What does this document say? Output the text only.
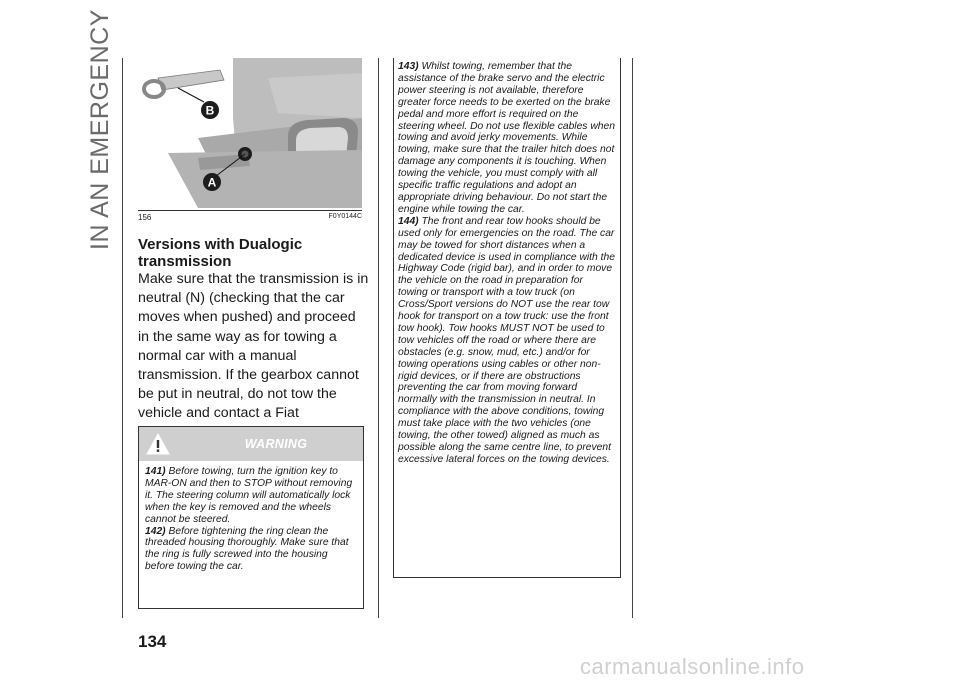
IN AN EMERGENCY	B
A
156	F0Y0144C
Versions with Dualogic transmission
Make sure that the transmission is in neutral (N) (checking that the car moves when pushed) and proceed in the same way as for towing a normal car with a manual transmission. If the gearbox cannot be put in neutral, do not tow the vehicle and contact a Fiat
WARNING

141) Before towing, turn the ignition key to MAR-ON and then to STOP without removing it. The steering column will automatically lock when the key is removed and the wheels cannot be steered.

142) Before tightening the ring clean the threaded housing thoroughly. Make sure that the ring is fully screwed into the housing before towing the car.

143) Whilst towing, remember that the assistance of the brake servo and the electric power steering is not available, therefore greater force needs to be exerted on the brake pedal and more effort is required on the steering wheel. Do not use flexible cables when towing and avoid jerky movements. While towing, make sure that the trailer hitch does not damage any components it is touching. When towing the vehicle, you must comply with all specific traffic regulations and adopt an appropriate driving behaviour. Do not start the engine while towing the car.

144) The front and rear tow hooks should be used only for emergencies on the road. The car may be towed for short distances when a dedicated device is used in compliance with the Highway Code (rigid bar), and in order to move the vehicle on the road in preparation for towing or transport with a tow truck (on Cross/Sport versions do NOT use the rear tow hook for transport on a tow truck: use the front tow hook). Tow hooks MUST NOT be used to tow vehicles off the road or where there are obstacles (e.g. snow, mud, etc.) and/or for towing operations using cables or other non-rigid devices, or if there are obstructions preventing the car from moving forward normally with the transmission in neutral. In compliance with the above conditions, towing must take place with the two vehicles (one towing, the other towed) aligned as much as possible along the same centre line, to prevent excessive lateral forces on the towing devices.

134
carmanualsonline.info
